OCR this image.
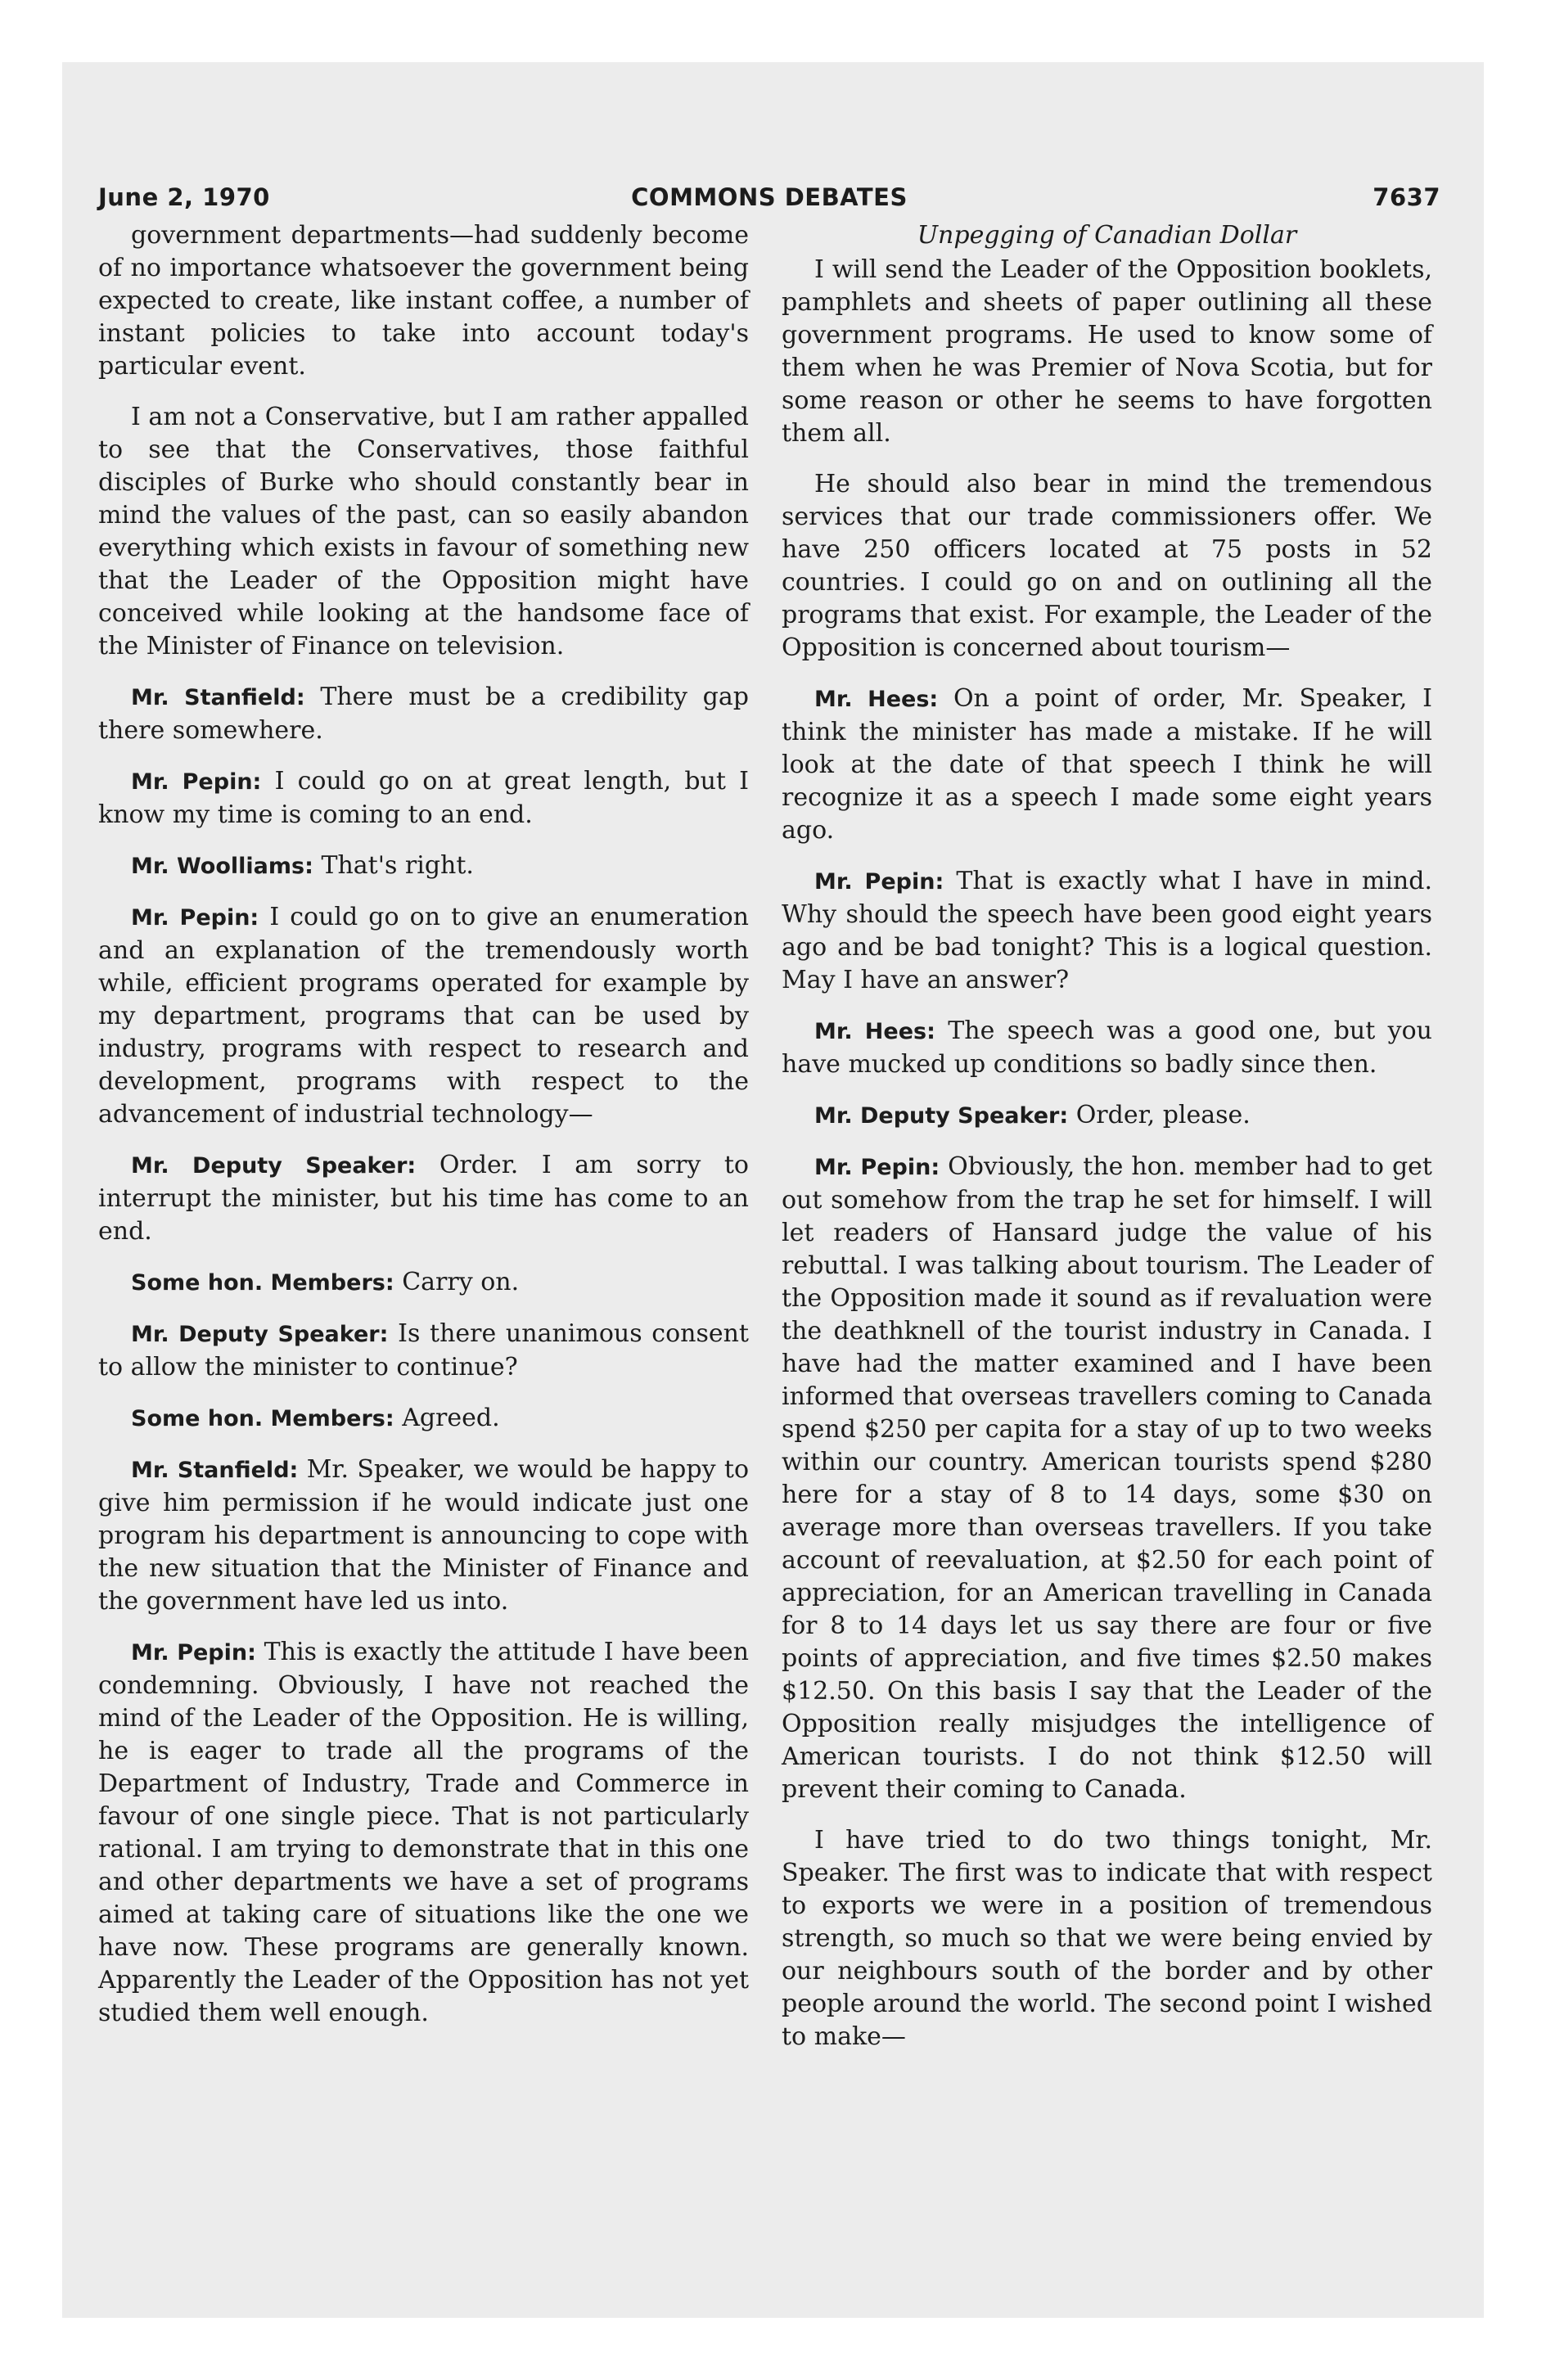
June 2, 1970	COMMONS DEBATES	7637

government departments—had suddenly become of no importance whatsoever the government being expected to create, like instant coffee, a number of instant policies to take into account today's particular event.

I am not a Conservative, but I am rather appalled to see that the Conservatives, those faithful disciples of Burke who should constantly bear in mind the values of the past, can so easily abandon everything which exists in favour of something new that the Leader of the Opposition might have conceived while looking at the handsome face of the Minister of Finance on television.

Mr. Stanfield: There must be a credibility gap there somewhere.

Mr. Pepin: I could go on at great length, but I know my time is coming to an end.

Mr. Woolliams: That's right.

Mr. Pepin: I could go on to give an enumeration and an explanation of the tremendously worth while, efficient programs operated for example by my department, programs that can be used by industry, programs with respect to research and development, programs with respect to the advancement of industrial technology—

Mr. Deputy Speaker: Order. I am sorry to interrupt the minister, but his time has come to an end.

Some hon. Members: Carry on.

Mr. Deputy Speaker: Is there unanimous consent to allow the minister to continue?

Some hon. Members: Agreed.

Mr. Stanfield: Mr. Speaker, we would be happy to give him permission if he would indicate just one program his department is announcing to cope with the new situation that the Minister of Finance and the government have led us into.

Mr. Pepin: This is exactly the attitude I have been condemning. Obviously, I have not reached the mind of the Leader of the Opposition. He is willing, he is eager to trade all the programs of the Department of Industry, Trade and Commerce in favour of one single piece. That is not particularly rational. I am trying to demonstrate that in this one and other departments we have a set of programs aimed at taking care of situations like the one we have now. These programs are generally known. Apparently the Leader of the Opposition has not yet studied them well enough.

Unpegging of Canadian Dollar

I will send the Leader of the Opposition booklets, pamphlets and sheets of paper outlining all these government programs. He used to know some of them when he was Premier of Nova Scotia, but for some reason or other he seems to have forgotten them all.

He should also bear in mind the tremendous services that our trade commissioners offer. We have 250 officers located at 75 posts in 52 countries. I could go on and on outlining all the programs that exist. For example, the Leader of the Opposition is concerned about tourism—

Mr. Hees: On a point of order, Mr. Speaker, I think the minister has made a mistake. If he will look at the date of that speech I think he will recognize it as a speech I made some eight years ago.

Mr. Pepin: That is exactly what I have in mind. Why should the speech have been good eight years ago and be bad tonight? This is a logical question. May I have an answer?

Mr. Hees: The speech was a good one, but you have mucked up conditions so badly since then.

Mr. Deputy Speaker: Order, please.

Mr. Pepin: Obviously, the hon. member had to get out somehow from the trap he set for himself. I will let readers of Hansard judge the value of his rebuttal. I was talking about tourism. The Leader of the Opposition made it sound as if revaluation were the deathknell of the tourist industry in Canada. I have had the matter examined and I have been informed that overseas travellers coming to Canada spend $250 per capita for a stay of up to two weeks within our country. American tourists spend $280 here for a stay of 8 to 14 days, some $30 on average more than overseas travellers. If you take account of reevaluation, at $2.50 for each point of appreciation, for an American travelling in Canada for 8 to 14 days let us say there are four or five points of appreciation, and five times $2.50 makes $12.50. On this basis I say that the Leader of the Opposition really misjudges the intelligence of American tourists. I do not think $12.50 will prevent their coming to Canada.

I have tried to do two things tonight, Mr. Speaker. The first was to indicate that with respect to exports we were in a position of tremendous strength, so much so that we were being envied by our neighbours south of the border and by other people around the world. The second point I wished to make—
